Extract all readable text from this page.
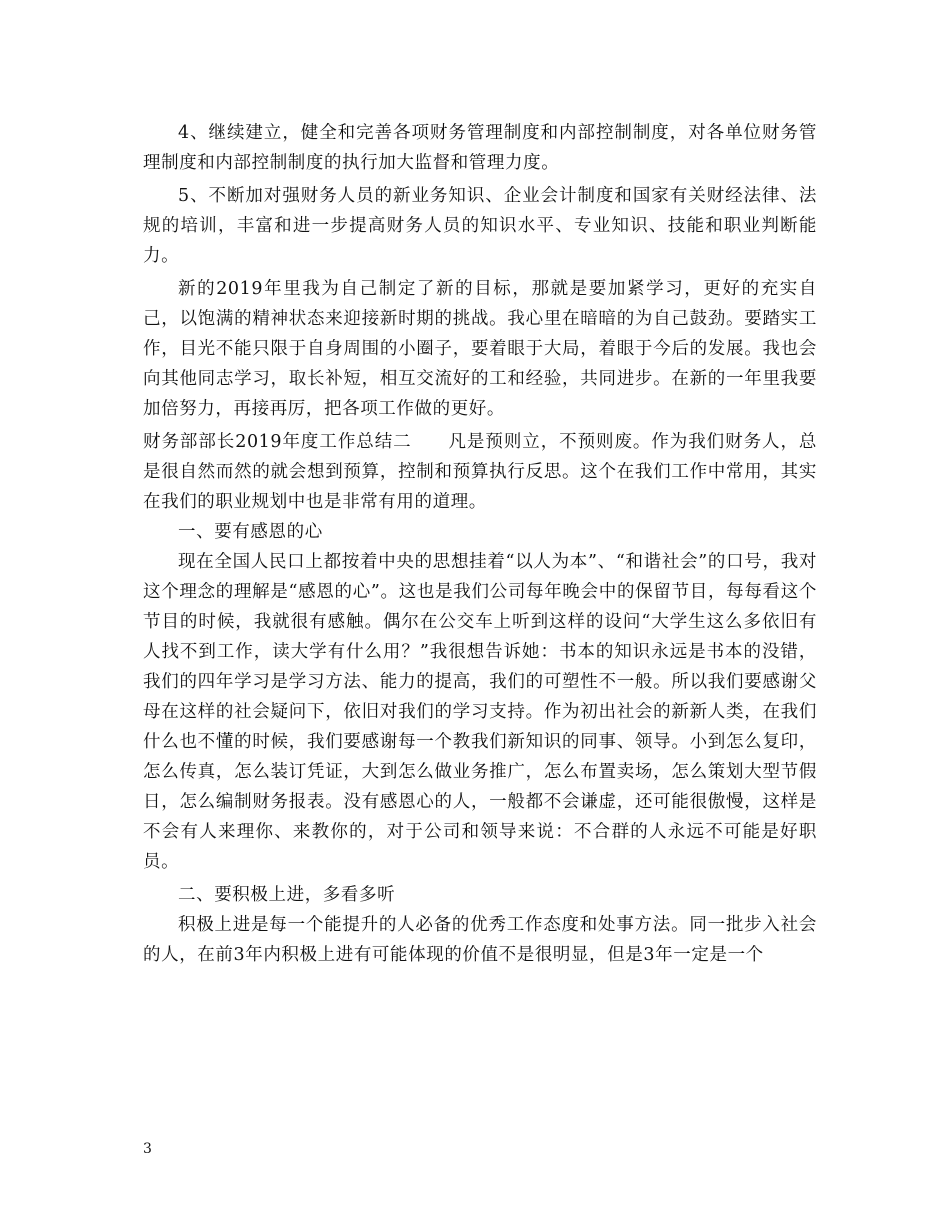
4、继续建立，健全和完善各项财务管理制度和内部控制制度，对各单位财务管理制度和内部控制制度的执行加大监督和管理力度。

5、不断加对强财务人员的新业务知识、企业会计制度和国家有关财经法律、法规的培训，丰富和进一步提高财务人员的知识水平、专业知识、技能和职业判断能力。

新的2019年里我为自己制定了新的目标，那就是要加紧学习，更好的充实自己，以饱满的精神状态来迎接新时期的挑战。我心里在暗暗的为自己鼓劲。要踏实工作，目光不能只限于自身周围的小圈子，要着眼于大局，着眼于今后的发展。我也会向其他同志学习，取长补短，相互交流好的工和经验，共同进步。在新的一年里我要加倍努力，再接再厉，把各项工作做的更好。

财务部部长2019年度工作总结二　　 凡是预则立，不预则废。作为我们财务人，总是很自然而然的就会想到预算，控制和预算执行反思。这个在我们工作中常用，其实在我们的职业规划中也是非常有用的道理。

一、要有感恩的心

现在全国人民口上都按着中央的思想挂着“以人为本”、“和谐社会”的口号，我对这个理念的理解是“感恩的心”。这也是我们公司每年晚会中的保留节目，每每看这个节目的时候，我就很有感触。偶尔在公交车上听到这样的设问“大学生这么多依旧有人找不到工作，读大学有什么用？”我很想告诉她：书本的知识永远是书本的没错，我们的四年学习是学习方法、能力的提高，我们的可塑性不一般。所以我们要感谢父母在这样的社会疑问下，依旧对我们的学习支持。作为初出社会的新新人类，在我们什么也不懂的时候，我们要感谢每一个教我们新知识的同事、领导。小到怎么复印，怎么传真，怎么装订凭证，大到怎么做业务推广，怎么布置卖场，怎么策划大型节假日，怎么编制财务报表。没有感恩心的人，一般都不会谦虚，还可能很傲慢，这样是不会有人来理你、来教你的，对于公司和领导来说：不合群的人永远不可能是好职员。

二、要积极上进，多看多听

积极上进是每一个能提升的人必备的优秀工作态度和处事方法。同一批步入社会的人，在前3年内积极上进有可能体现的价值不是很明显，但是3年一定是一个

3
